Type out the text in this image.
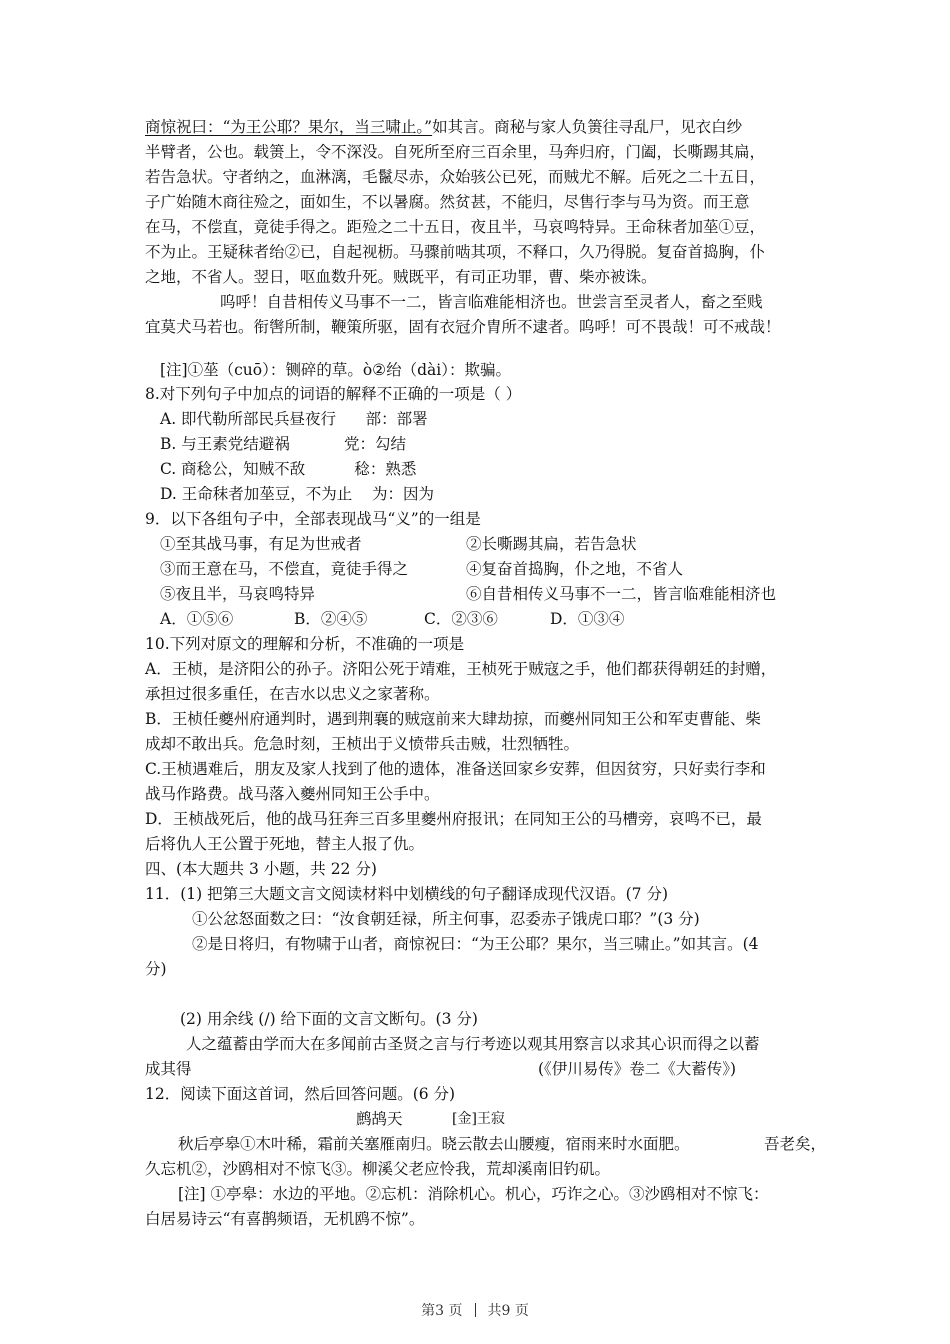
商惊祝曰：“为王公耶？果尔，当三啸止。”如其言。商秘与家人负箦往寻乱尸，见衣白纱
半臂者，公也。载箦上，令不深没。自死所至府三百余里，马奔归府，门阖，长嘶踢其扁，
若告急状。守者纳之，血淋漓，毛鬣尽赤，众始骇公已死，而贼尤不解。后死之二十五日，
子广始随木商往殓之，面如生，不以暑腐。然贫甚，不能归，尽售行李与马为资。而王意
在马，不偿直，竟徒手得之。距殓之二十五日，夜且半，马哀鸣特异。王命秣者加莝①豆，
不为止。王疑秣者绐②已，自起视枥。马骤前啮其项，不释口，久乃得脱。复奋首捣胸，仆
之地，不省人。翌日，呕血数升死。贼既平，有司正功罪，曹、柴亦被诛。
呜呼！自昔相传义马事不一二，皆言临难能相济也。世尝言至灵者人，畜之至贱
宜莫犬马若也。衔辔所制，鞭策所驱，固有衣冠介胄所不逮者。呜呼！可不畏哉！可不戒哉！
[注]①莝（cuō）：铡碎的草。ò②绐（dài）：欺骗。
8.对下列句子中加点的词语的解释不正确的一项是（ ）
A. 即代勒所部民兵昼夜行      部：部署
B. 与王素党结避祸           党：勾结
C. 商稔公，知贼不敌          稔：熟悉
D. 王命秣者加莝豆，不为止    为：因为
9．以下各组句子中，全部表现战马“义”的一组是
①至其战马事，有足为世戒者	②长嘶踢其扁，若告急状
③而王意在马，不偿直，竟徒手得之	④复奋首捣胸，仆之地，不省人
⑤夜且半，马哀鸣特异	⑥自昔相传义马事不一二，皆言临难能相济也
A．①⑤⑥	B．②④⑤	C．②③⑥	D．①③④
10.下列对原文的理解和分析，不准确的一项是
A．王桢，是济阳公的孙子。济阳公死于靖难，王桢死于贼寇之手，他们都获得朝廷的封赠，
承担过很多重任，在吉水以忠义之家著称。
B．王桢任夔州府通判时，遇到荆襄的贼寇前来大肆劫掠，而夔州同知王公和军吏曹能、柴
成却不敢出兵。危急时刻，王桢出于义愤带兵击贼，壮烈牺牲。
C.王桢遇难后，朋友及家人找到了他的遗体，准备送回家乡安葬，但因贫穷，只好卖行李和
战马作路费。战马落入夔州同知王公手中。
D．王桢战死后，他的战马狂奔三百多里夔州府报讯；在同知王公的马槽旁，哀鸣不已，最
后将仇人王公置于死地，替主人报了仇。
四、(本大题共 3 小题，共 22 分)
11．(1) 把第三大题文言文阅读材料中划横线的句子翻译成现代汉语。(7 分)
①公忿怒面数之曰：“汝食朝廷禄，所主何事，忍委赤子饿虎口耶？”(3 分)
②是日将归，有物啸于山者，商惊祝曰：“为王公耶？果尔，当三啸止。”如其言。(4
分)
(2) 用余线 (/) 给下面的文言文断句。(3 分)
人之蕴蓄由学而大在多闻前古圣贤之言与行考迹以观其用察言以求其心识而得之以蓄
成其得	(《伊川易传》卷二《大蓄传》)
12．阅读下面这首词，然后回答问题。(6 分)
鹧鸪天	[金]王寂
秋后亭皋①木叶稀，霜前关塞雁南归。晓云散去山腰瘦，宿雨来时水面肥。	吾老矣，
久忘机②，沙鸥相对不惊飞③。柳溪父老应怜我，荒却溪南旧钓矶。
[注] ①亭皋：水边的平地。②忘机：消除机心。机心，巧诈之心。③沙鸥相对不惊飞：
白居易诗云“有喜鹊频语，无机鸥不惊”。
第3 页 共9 页
